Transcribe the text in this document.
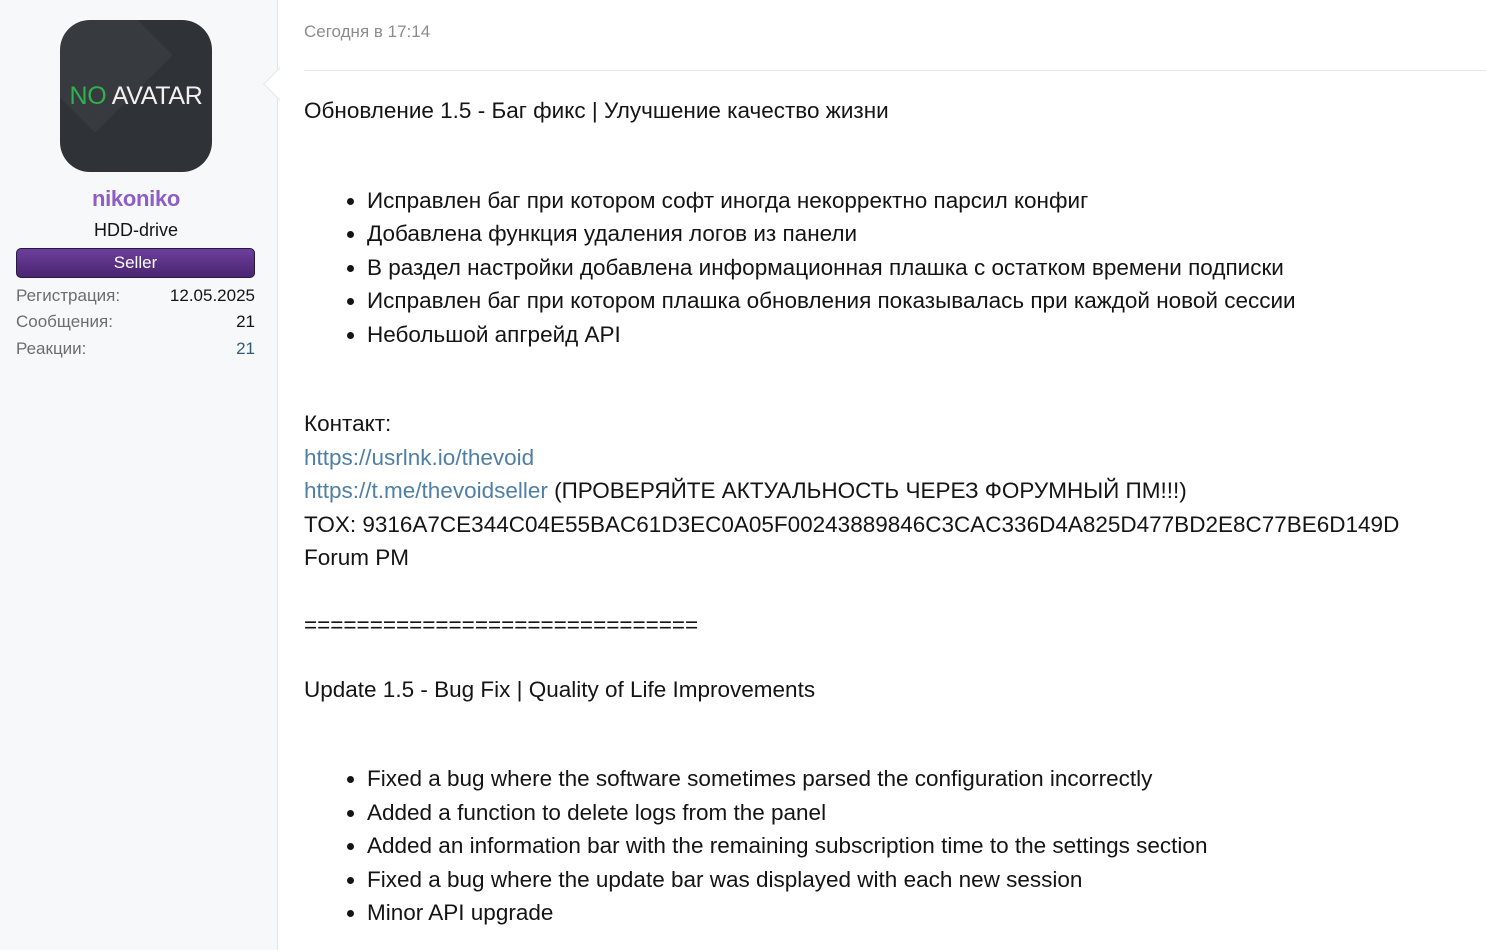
NO AVATAR
nikoniko
HDD-drive
Seller
Регистрация:	12.05.2025
Сообщения:	21
Реакции:	21
Сегодня в 17:14

Обновление 1.5 - Баг фикс | Улучшение качество жизни

• Исправлен баг при котором софт иногда некорректно парсил конфиг
• Добавлена функция удаления логов из панели
• В раздел настройки добавлена информационная плашка с остатком времени подписки
• Исправлен баг при котором плашка обновления показывалась при каждой новой сессии
• Небольшой апгрейд API

Контакт:

https://usrlnk.io/thevoid

https://t.me/thevoidseller (ПРОВЕРЯЙТЕ АКТУАЛЬНОСТЬ ЧЕРЕЗ ФОРУМНЫЙ ПМ!!!)

TOX: 9316A7CE344C04E55BAC61D3EC0A05F00243889846C3CAC336D4A825D477BD2E8C77BE6D149D

Forum PM

==============================

Update 1.5 - Bug Fix | Quality of Life Improvements

• Fixed a bug where the software sometimes parsed the configuration incorrectly
• Added a function to delete logs from the panel
• Added an information bar with the remaining subscription time to the settings section
• Fixed a bug where the update bar was displayed with each new session
• Minor API upgrade
